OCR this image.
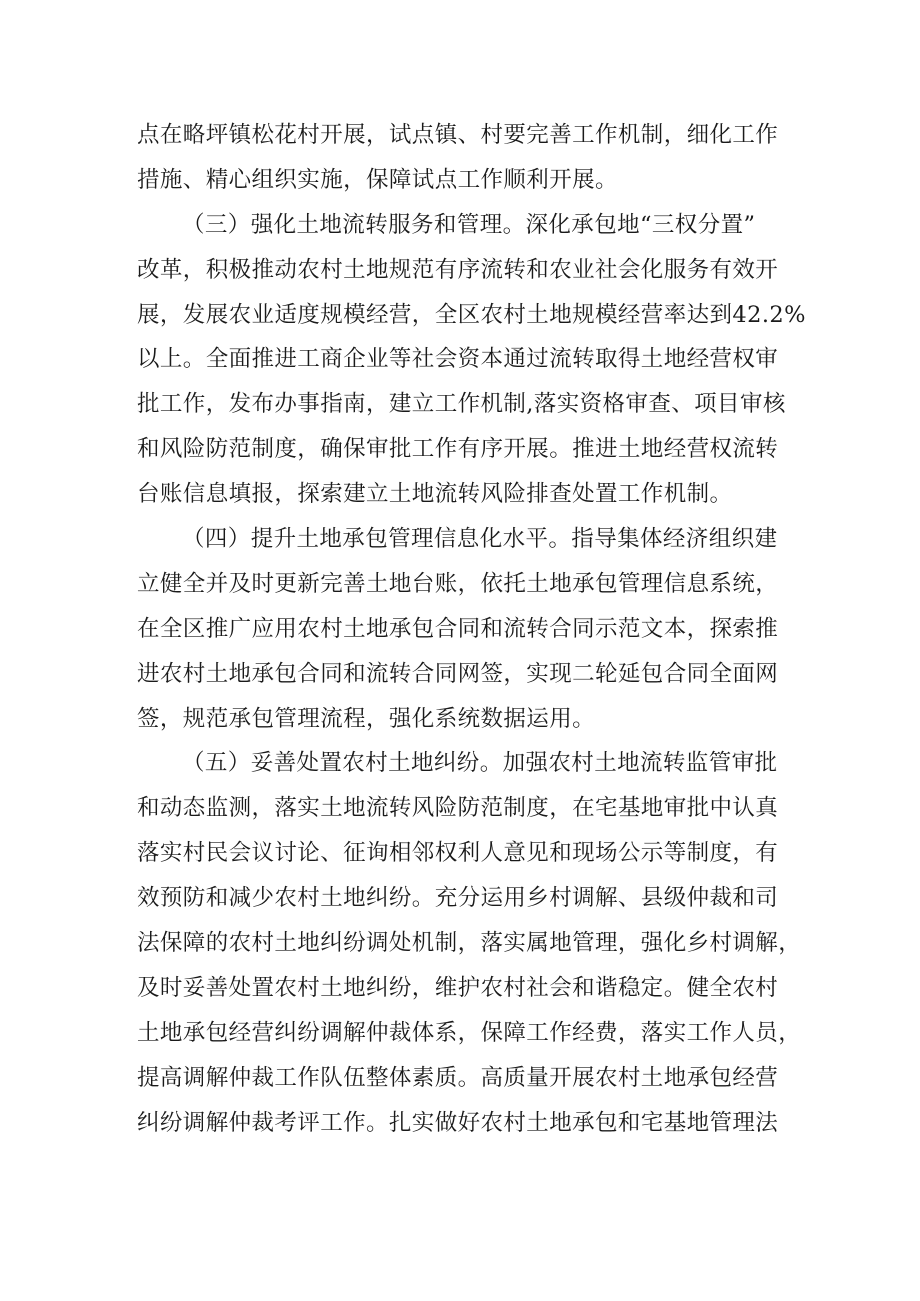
点在略坪镇松花村开展，试点镇、村要完善工作机制，细化工作
措施、精心组织实施，保障试点工作顺利开展。
（三）强化土地流转服务和管理。深化承包地“三权分置”
改革，积极推动农村土地规范有序流转和农业社会化服务有效开
展，发展农业适度规模经营，全区农村土地规模经营率达到42.2%
以上。全面推进工商企业等社会资本通过流转取得土地经营权审
批工作，发布办事指南，建立工作机制,落实资格审查、项目审核
和风险防范制度，确保审批工作有序开展。推进土地经营权流转
台账信息填报，探索建立土地流转风险排查处置工作机制。
（四）提升土地承包管理信息化水平。指导集体经济组织建
立健全并及时更新完善土地台账，依托土地承包管理信息系统，
在全区推广应用农村土地承包合同和流转合同示范文本，探索推
进农村土地承包合同和流转合同网签，实现二轮延包合同全面网
签，规范承包管理流程，强化系统数据运用。
（五）妥善处置农村土地纠纷。加强农村土地流转监管审批
和动态监测，落实土地流转风险防范制度，在宅基地审批中认真
落实村民会议讨论、征询相邻权利人意见和现场公示等制度，有
效预防和减少农村土地纠纷。充分运用乡村调解、县级仲裁和司
法保障的农村土地纠纷调处机制，落实属地管理，强化乡村调解，
及时妥善处置农村土地纠纷，维护农村社会和谐稳定。健全农村
土地承包经营纠纷调解仲裁体系，保障工作经费，落实工作人员，
提高调解仲裁工作队伍整体素质。高质量开展农村土地承包经营
纠纷调解仲裁考评工作。扎实做好农村土地承包和宅基地管理法
